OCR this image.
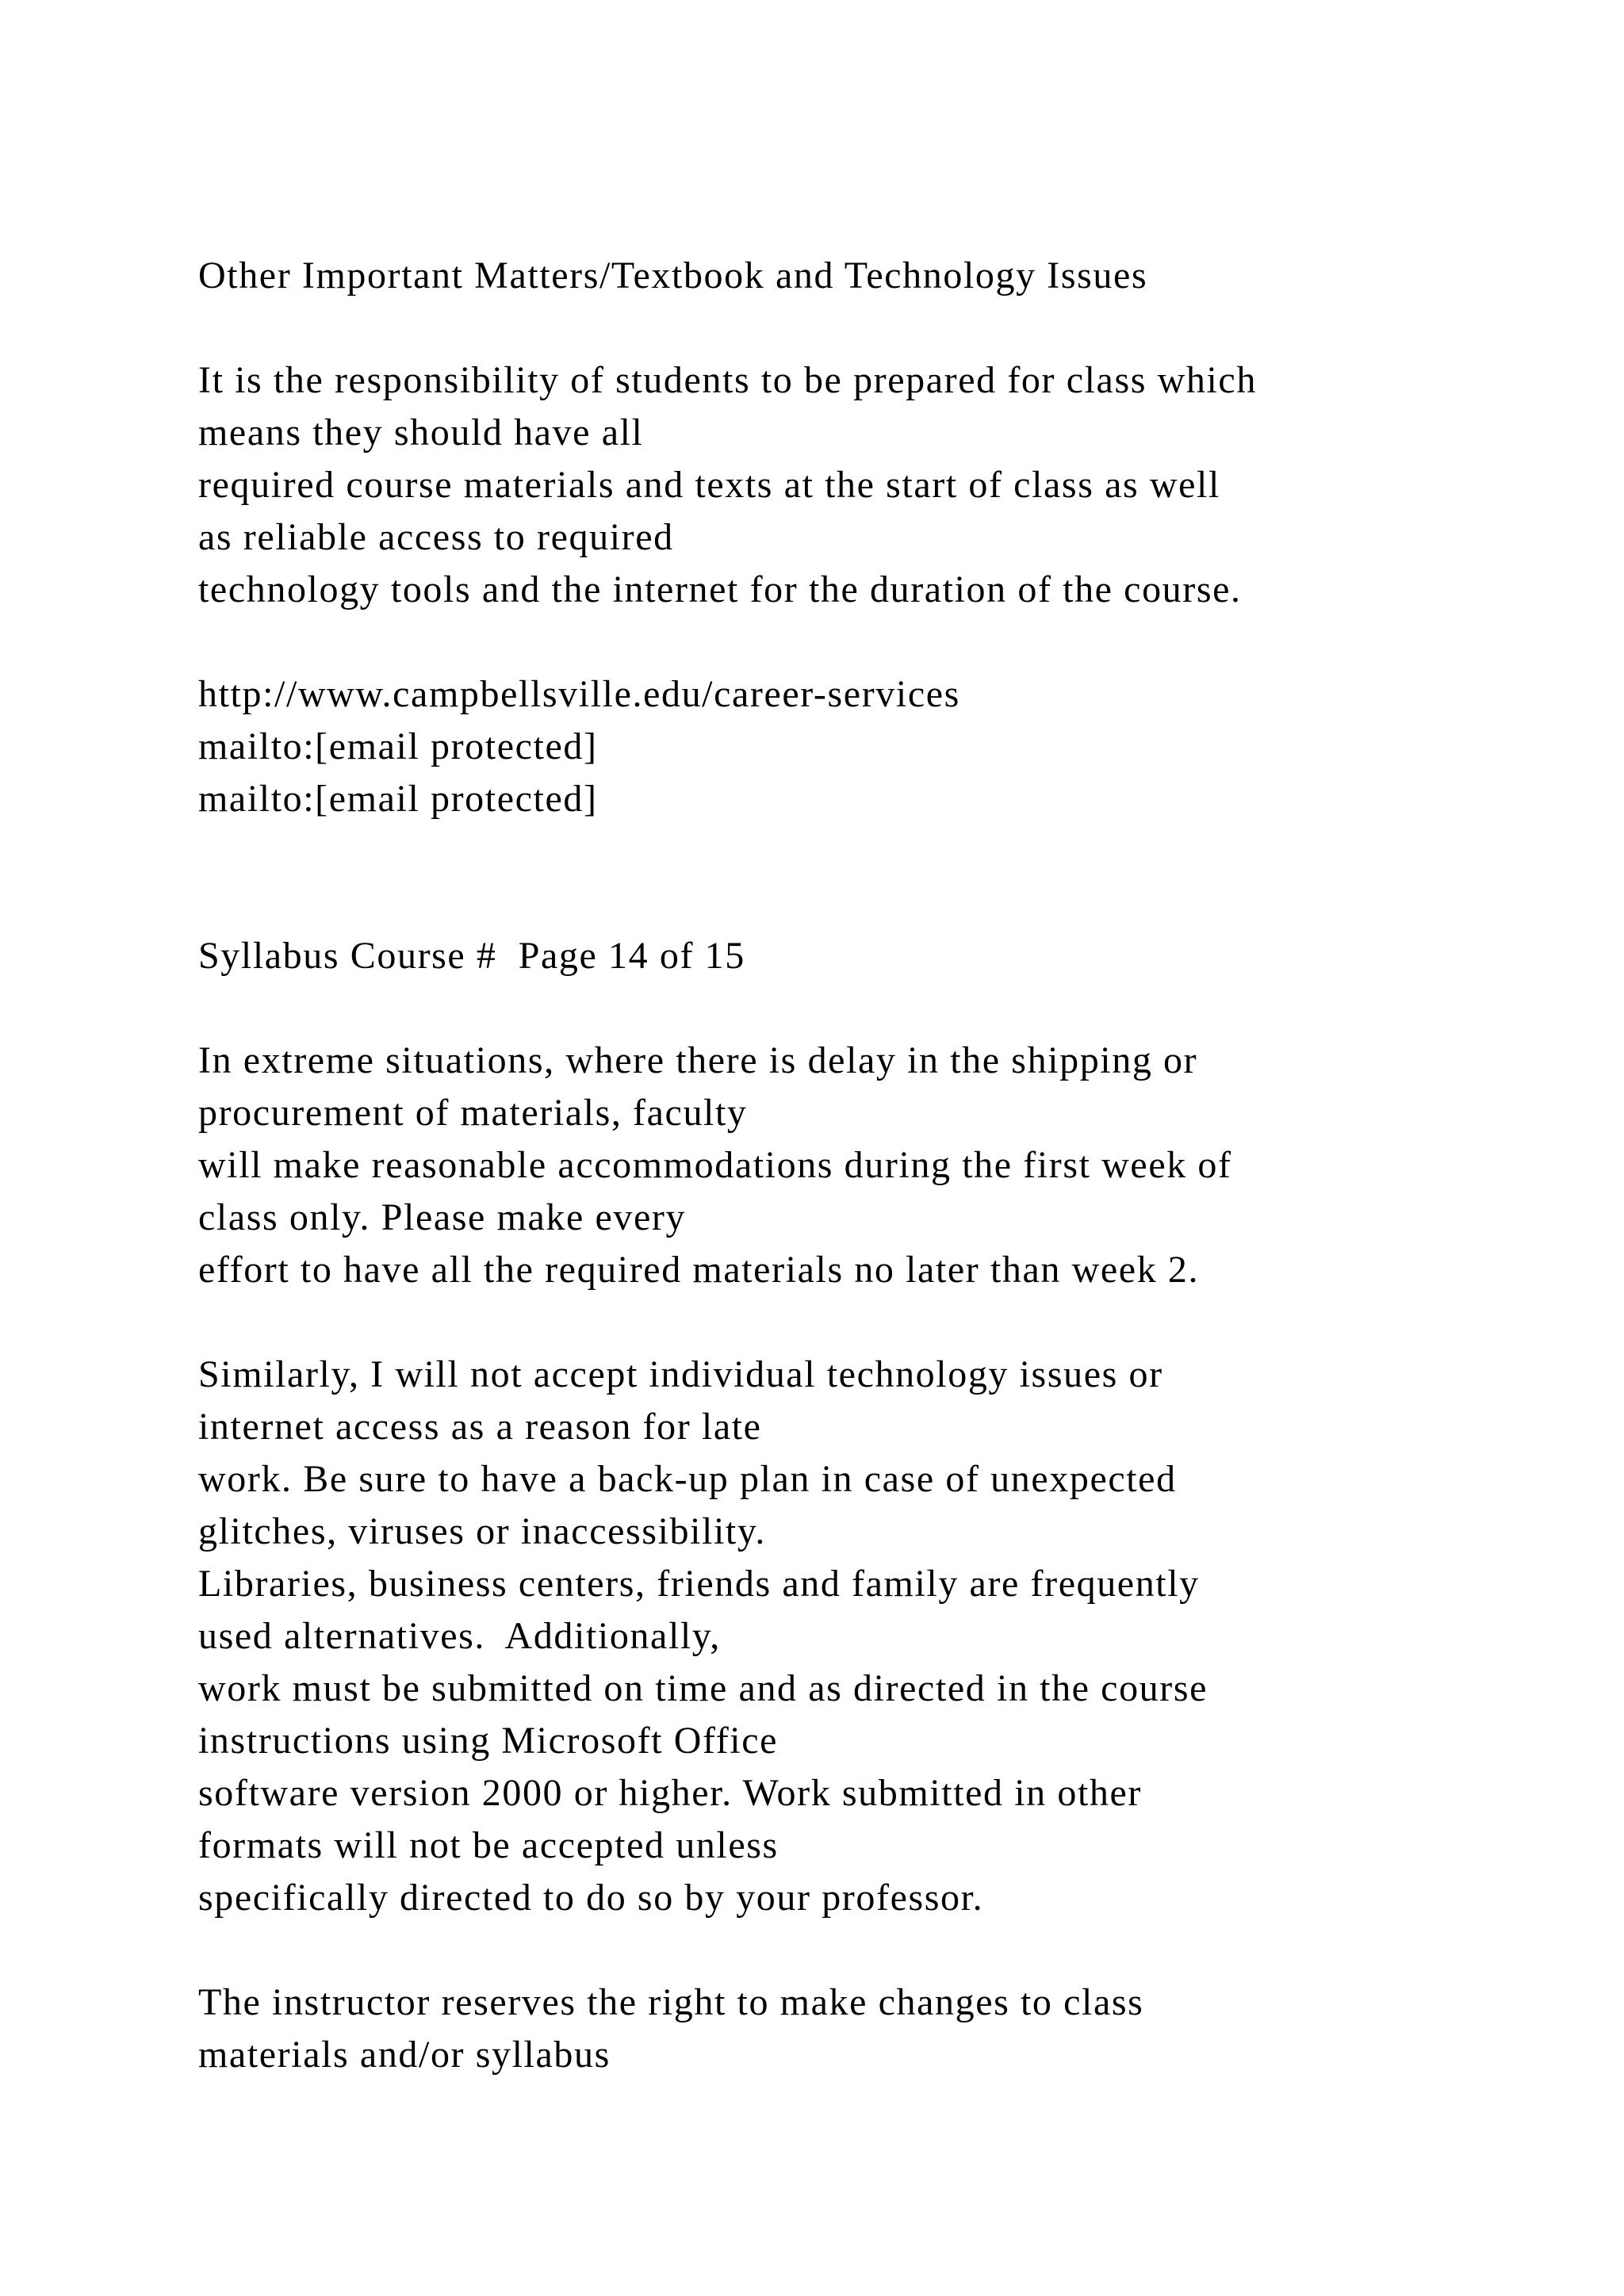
Other Important Matters/Textbook and Technology Issues
It is the responsibility of students to be prepared for class which
means they should have all
required course materials and texts at the start of class as well
as reliable access to required
technology tools and the internet for the duration of the course.
http://www.campbellsville.edu/career-services
mailto:[email protected]
mailto:[email protected]
Syllabus Course #  Page 14 of 15
In extreme situations, where there is delay in the shipping or
procurement of materials, faculty
will make reasonable accommodations during the first week of
class only. Please make every
effort to have all the required materials no later than week 2.
Similarly, I will not accept individual technology issues or
internet access as a reason for late
work. Be sure to have a back-up plan in case of unexpected
glitches, viruses or inaccessibility.
Libraries, business centers, friends and family are frequently
used alternatives.  Additionally,
work must be submitted on time and as directed in the course
instructions using Microsoft Office
software version 2000 or higher. Work submitted in other
formats will not be accepted unless
specifically directed to do so by your professor.
The instructor reserves the right to make changes to class
materials and/or syllabus
